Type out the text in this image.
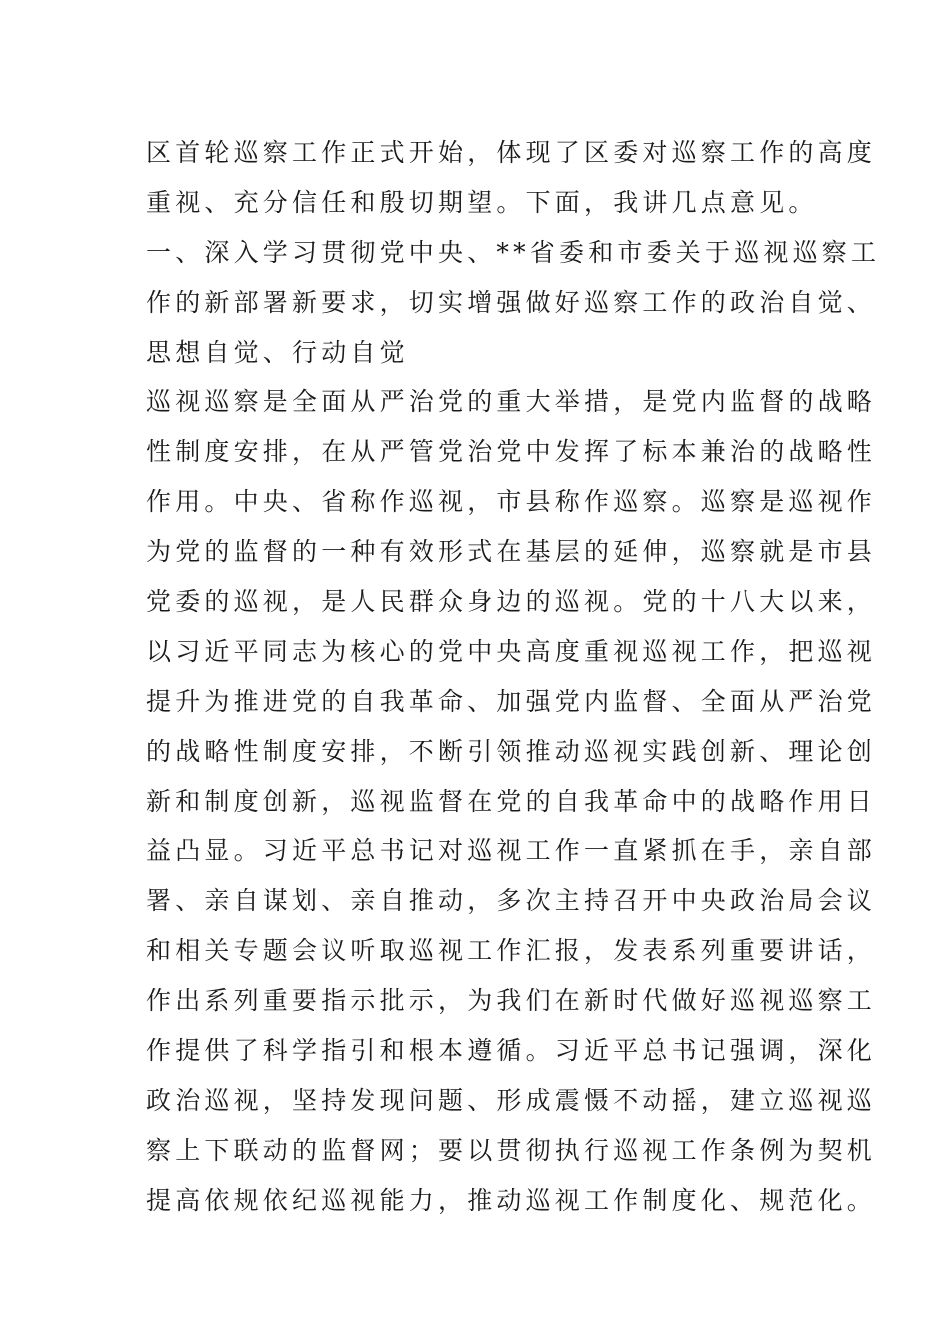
区首轮巡察工作正式开始，体现了区委对巡察工作的高度
重视、充分信任和殷切期望。下面，我讲几点意见。
一、深入学习贯彻党中央、**省委和市委关于巡视巡察工
作的新部署新要求，切实增强做好巡察工作的政治自觉、
思想自觉、行动自觉
巡视巡察是全面从严治党的重大举措，是党内监督的战略
性制度安排，在从严管党治党中发挥了标本兼治的战略性
作用。中央、省称作巡视，市县称作巡察。巡察是巡视作
为党的监督的一种有效形式在基层的延伸，巡察就是市县
党委的巡视，是人民群众身边的巡视。党的十八大以来，
以习近平同志为核心的党中央高度重视巡视工作，把巡视
提升为推进党的自我革命、加强党内监督、全面从严治党
的战略性制度安排，不断引领推动巡视实践创新、理论创
新和制度创新，巡视监督在党的自我革命中的战略作用日
益凸显。习近平总书记对巡视工作一直紧抓在手，亲自部
署、亲自谋划、亲自推动，多次主持召开中央政治局会议
和相关专题会议听取巡视工作汇报，发表系列重要讲话，
作出系列重要指示批示，为我们在新时代做好巡视巡察工
作提供了科学指引和根本遵循。习近平总书记强调，深化
政治巡视，坚持发现问题、形成震慑不动摇，建立巡视巡
察上下联动的监督网；要以贯彻执行巡视工作条例为契机
提高依规依纪巡视能力，推动巡视工作制度化、规范化。
